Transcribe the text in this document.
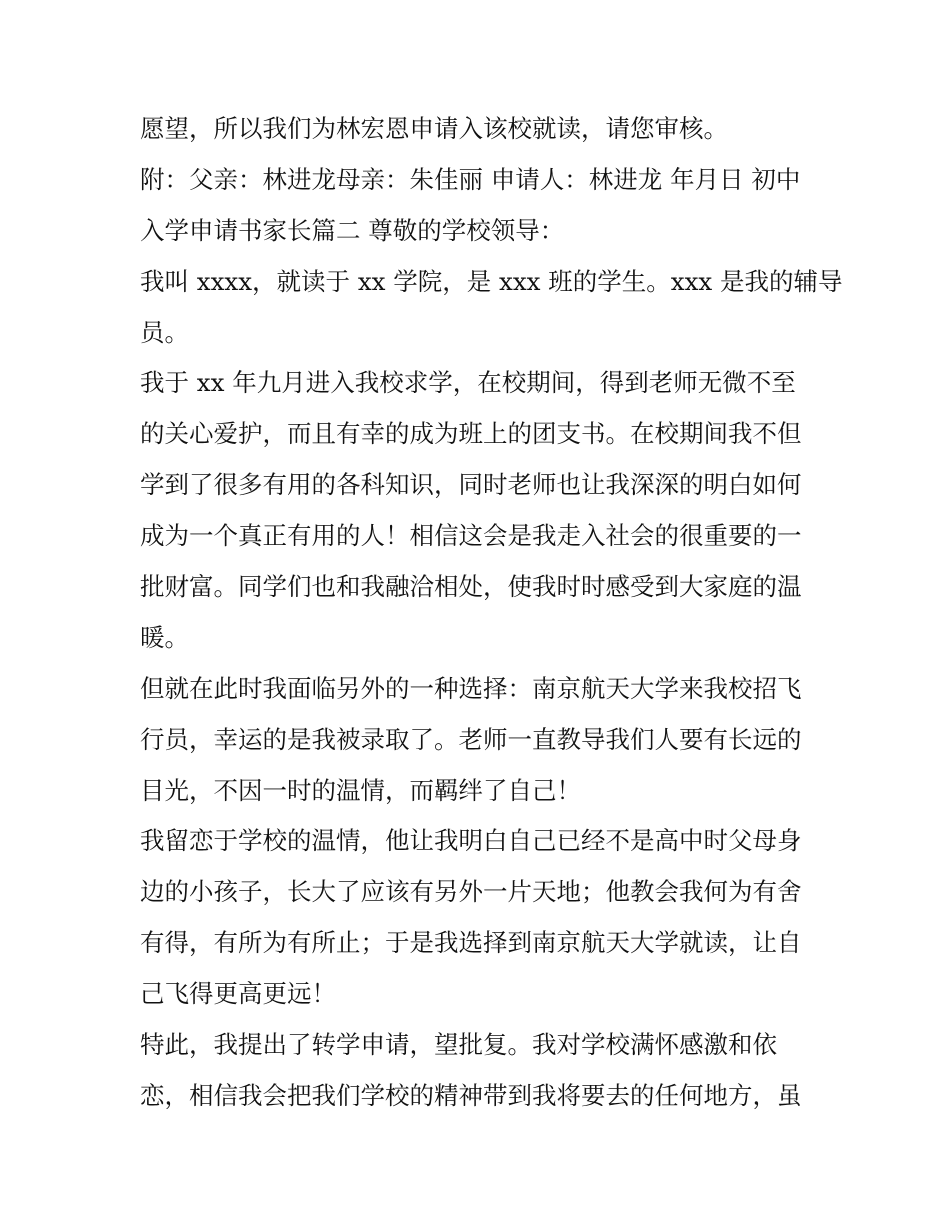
愿望，所以我们为林宏恩申请入该校就读，请您审核。
附：父亲：林进龙母亲：朱佳丽 申请人：林进龙 年月日 初中
入学申请书家长篇二 尊敬的学校领导：
我叫 xxxx，就读于 xx 学院，是 xxx 班的学生。xxx 是我的辅导
员。
我于 xx 年九月进入我校求学，在校期间，得到老师无微不至
的关心爱护，而且有幸的成为班上的团支书。在校期间我不但
学到了很多有用的各科知识，同时老师也让我深深的明白如何
成为一个真正有用的人！相信这会是我走入社会的很重要的一
批财富。同学们也和我融洽相处，使我时时感受到大家庭的温
暖。
但就在此时我面临另外的一种选择：南京航天大学来我校招飞
行员，幸运的是我被录取了。老师一直教导我们人要有长远的
目光，不因一时的温情，而羁绊了自己！
我留恋于学校的温情，他让我明白自己已经不是高中时父母身
边的小孩子，长大了应该有另外一片天地；他教会我何为有舍
有得，有所为有所止；于是我选择到南京航天大学就读，让自
己飞得更高更远！
特此，我提出了转学申请，望批复。我对学校满怀感激和依
恋，相信我会把我们学校的精神带到我将要去的任何地方，虽
